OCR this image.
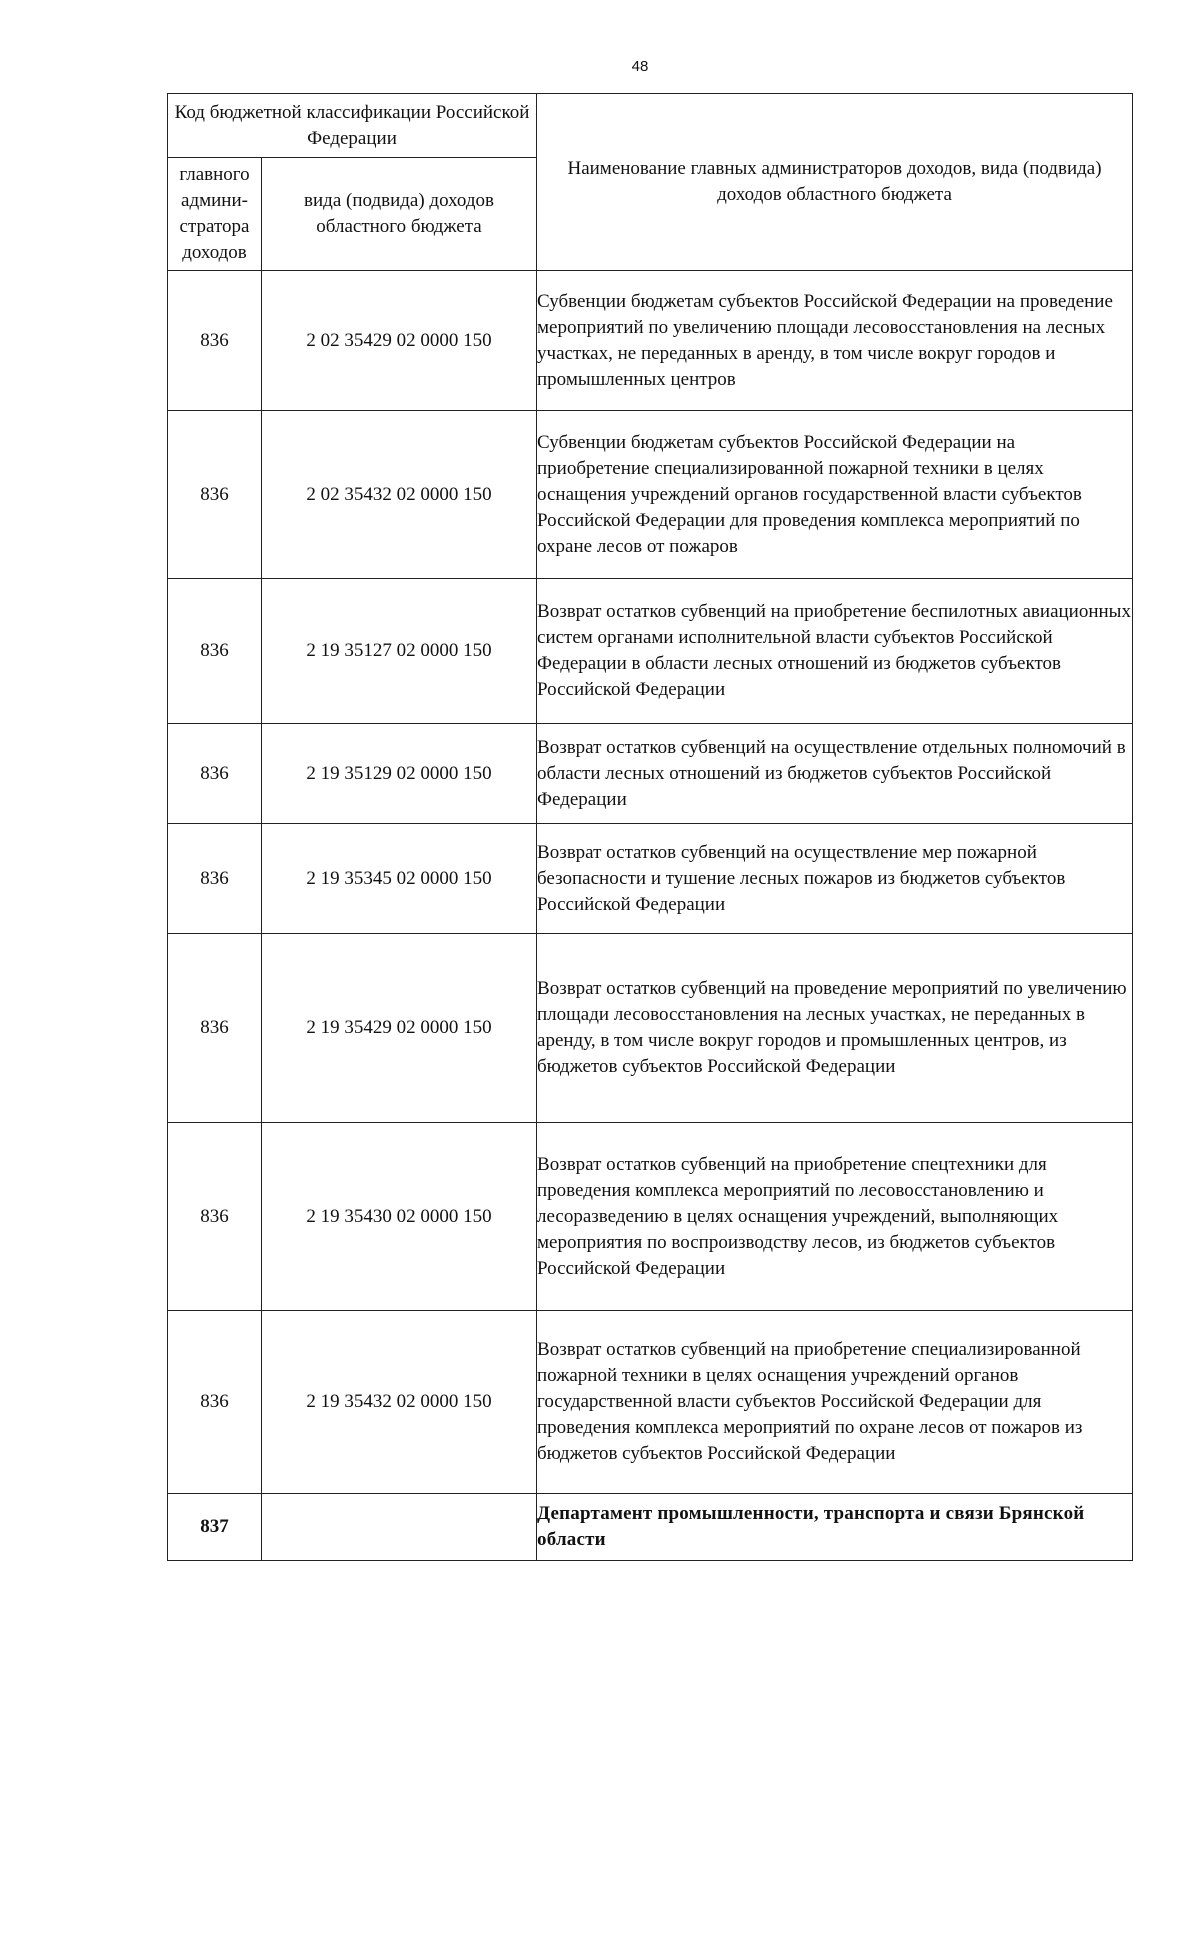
48
Код бюджетной классификации Российской Федерации		Наименование главных администраторов доходов, вида (подвида) доходов областного бюджета
главного админи-стратора доходов	вида (подвида) доходов областного бюджета	
836	2 02 35429 02 0000 150	Субвенции бюджетам субъектов Российской Федерации на проведение мероприятий по увеличению площади лесовосстановления на лесных участках, не переданных в аренду, в том числе вокруг городов и промышленных центров
836	2 02 35432 02 0000 150	Субвенции бюджетам субъектов Российской Федерации на приобретение специализированной пожарной техники в целях оснащения учреждений органов государственной власти субъектов Российской Федерации для проведения комплекса мероприятий по охране лесов от пожаров
836	2 19 35127 02 0000 150	Возврат остатков субвенций на приобретение беспилотных авиационных систем органами исполнительной власти субъектов Российской Федерации в области лесных отношений из бюджетов субъектов Российской Федерации
836	2 19 35129 02 0000 150	Возврат остатков субвенций на осуществление отдельных полномочий в области лесных отношений из бюджетов субъектов Российской Федерации
836	2 19 35345 02 0000 150	Возврат остатков субвенций на осуществление мер пожарной безопасности и тушение лесных пожаров из бюджетов субъектов Российской Федерации
836	2 19 35429 02 0000 150	Возврат остатков субвенций на проведение мероприятий по увеличению площади лесовосстановления на лесных участках, не переданных в аренду, в том числе вокруг городов и промышленных центров, из бюджетов субъектов Российской Федерации
836	2 19 35430 02 0000 150	Возврат остатков субвенций на приобретение спецтехники для проведения комплекса мероприятий по лесовосстановлению и лесоразведению в целях оснащения учреждений, выполняющих мероприятия по воспроизводству лесов, из бюджетов субъектов Российской Федерации
836	2 19 35432 02 0000 150	Возврат остатков субвенций на приобретение специализированной пожарной техники в целях оснащения учреждений органов государственной власти субъектов Российской Федерации для проведения комплекса мероприятий по охране лесов от пожаров из бюджетов субъектов Российской Федерации
837		Департамент промышленности, транспорта и связи Брянской области
